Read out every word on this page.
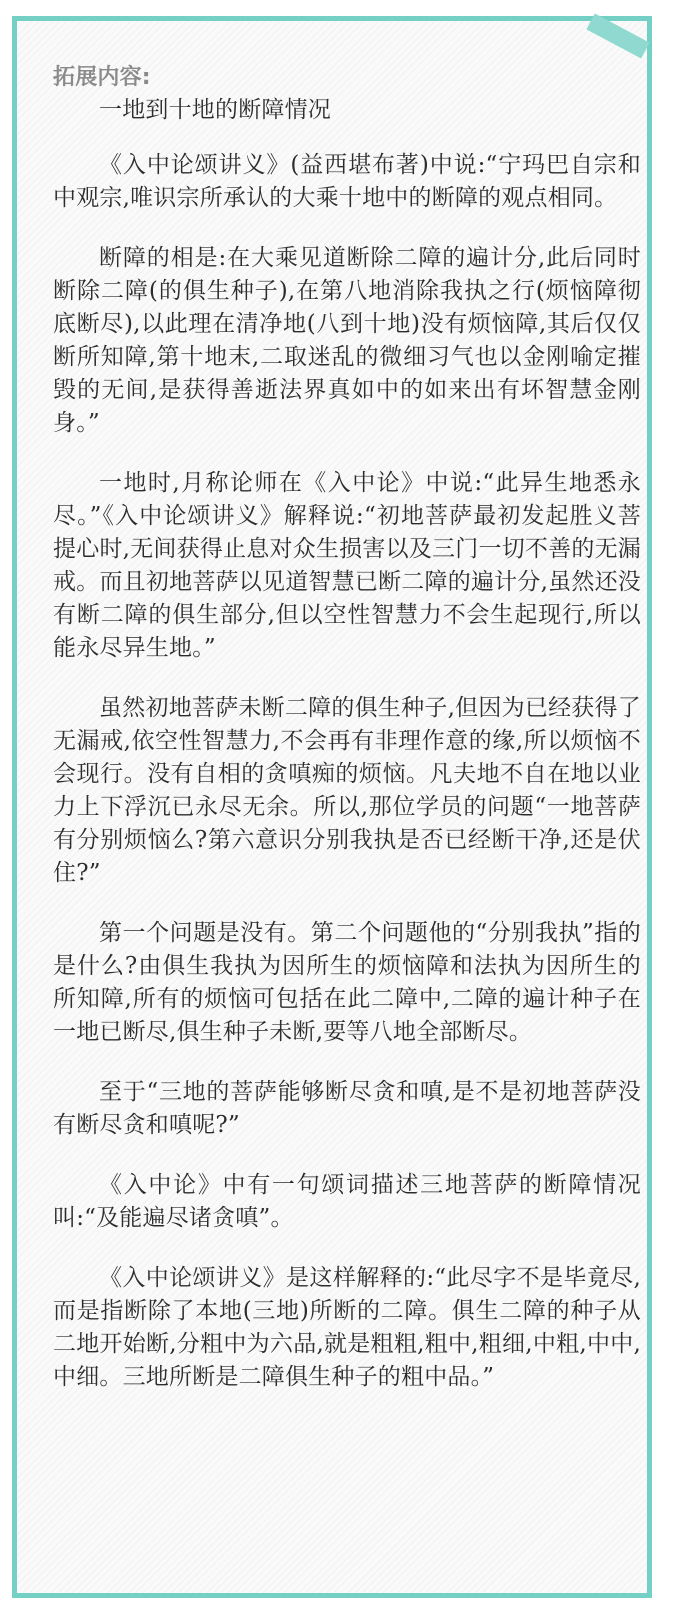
拓展内容:
一地到十地的断障情况

《入中论颂讲义》(益西堪布著)中说:“宁玛巴自宗和中观宗,唯识宗所承认的大乘十地中的断障的观点相同。

断障的相是:在大乘见道断除二障的遍计分,此后同时断除二障(的俱生种子),在第八地消除我执之行(烦恼障彻底断尽),以此理在清净地(八到十地)没有烦恼障,其后仅仅断所知障,第十地末,二取迷乱的微细习气也以金刚喻定摧毁的无间,是获得善逝法界真如中的如来出有坏智慧金刚身。”

一地时,月称论师在《入中论》中说:“此异生地悉永尽。”《入中论颂讲义》解释说:“初地菩萨最初发起胜义菩提心时,无间获得止息对众生损害以及三门一切不善的无漏戒。而且初地菩萨以见道智慧已断二障的遍计分,虽然还没有断二障的俱生部分,但以空性智慧力不会生起现行,所以能永尽异生地。”

虽然初地菩萨未断二障的俱生种子,但因为已经获得了无漏戒,依空性智慧力,不会再有非理作意的缘,所以烦恼不会现行。没有自相的贪嗔痴的烦恼。凡夫地不自在地以业力上下浮沉已永尽无余。所以,那位学员的问题“一地菩萨有分别烦恼么?第六意识分别我执是否已经断干净,还是伏住?”

第一个问题是没有。第二个问题他的“分别我执”指的是什么?由俱生我执为因所生的烦恼障和法执为因所生的所知障,所有的烦恼可包括在此二障中,二障的遍计种子在一地已断尽,俱生种子未断,要等八地全部断尽。

至于“三地的菩萨能够断尽贪和嗔,是不是初地菩萨没有断尽贪和嗔呢?”

《入中论》中有一句颂词描述三地菩萨的断障情况叫:“及能遍尽诸贪嗔”。

《入中论颂讲义》是这样解释的:“此尽字不是毕竟尽,而是指断除了本地(三地)所断的二障。俱生二障的种子从二地开始断,分粗中为六品,就是粗粗,粗中,粗细,中粗,中中,中细。三地所断是二障俱生种子的粗中品。”
